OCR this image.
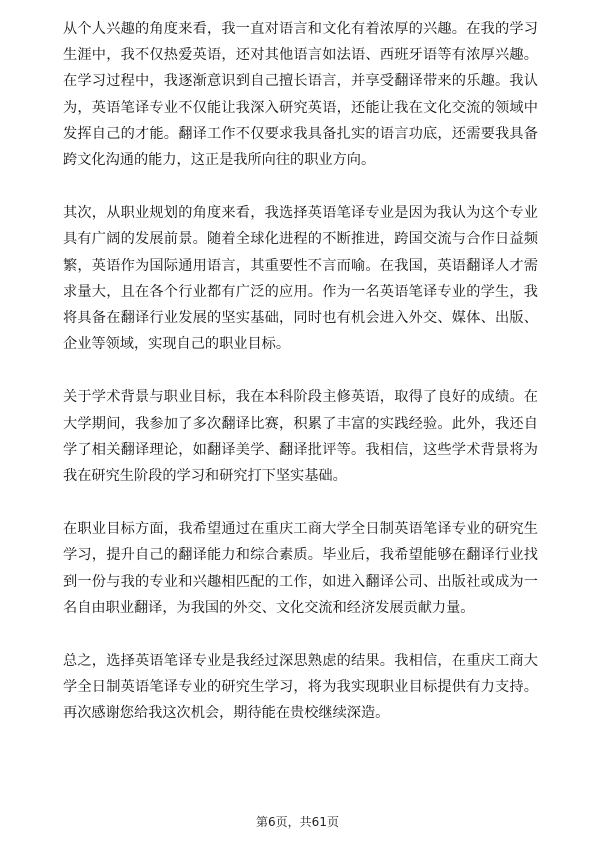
从个人兴趣的角度来看，我一直对语言和文化有着浓厚的兴趣。在我的学习生涯中，我不仅热爱英语，还对其他语言如法语、西班牙语等有浓厚兴趣。在学习过程中，我逐渐意识到自己擅长语言，并享受翻译带来的乐趣。我认为，英语笔译专业不仅能让我深入研究英语，还能让我在文化交流的领域中发挥自己的才能。翻译工作不仅要求我具备扎实的语言功底，还需要我具备跨文化沟通的能力，这正是我所向往的职业方向。

其次，从职业规划的角度来看，我选择英语笔译专业是因为我认为这个专业具有广阔的发展前景。随着全球化进程的不断推进，跨国交流与合作日益频繁，英语作为国际通用语言，其重要性不言而喻。在我国，英语翻译人才需求量大，且在各个行业都有广泛的应用。作为一名英语笔译专业的学生，我将具备在翻译行业发展的坚实基础，同时也有机会进入外交、媒体、出版、企业等领域，实现自己的职业目标。

关于学术背景与职业目标，我在本科阶段主修英语，取得了良好的成绩。在大学期间，我参加了多次翻译比赛，积累了丰富的实践经验。此外，我还自学了相关翻译理论，如翻译美学、翻译批评等。我相信，这些学术背景将为我在研究生阶段的学习和研究打下坚实基础。

在职业目标方面，我希望通过在重庆工商大学全日制英语笔译专业的研究生学习，提升自己的翻译能力和综合素质。毕业后，我希望能够在翻译行业找到一份与我的专业和兴趣相匹配的工作，如进入翻译公司、出版社或成为一名自由职业翻译，为我国的外交、文化交流和经济发展贡献力量。

总之，选择英语笔译专业是我经过深思熟虑的结果。我相信，在重庆工商大学全日制英语笔译专业的研究生学习，将为我实现职业目标提供有力支持。再次感谢您给我这次机会，期待能在贵校继续深造。

第6页，共61页
